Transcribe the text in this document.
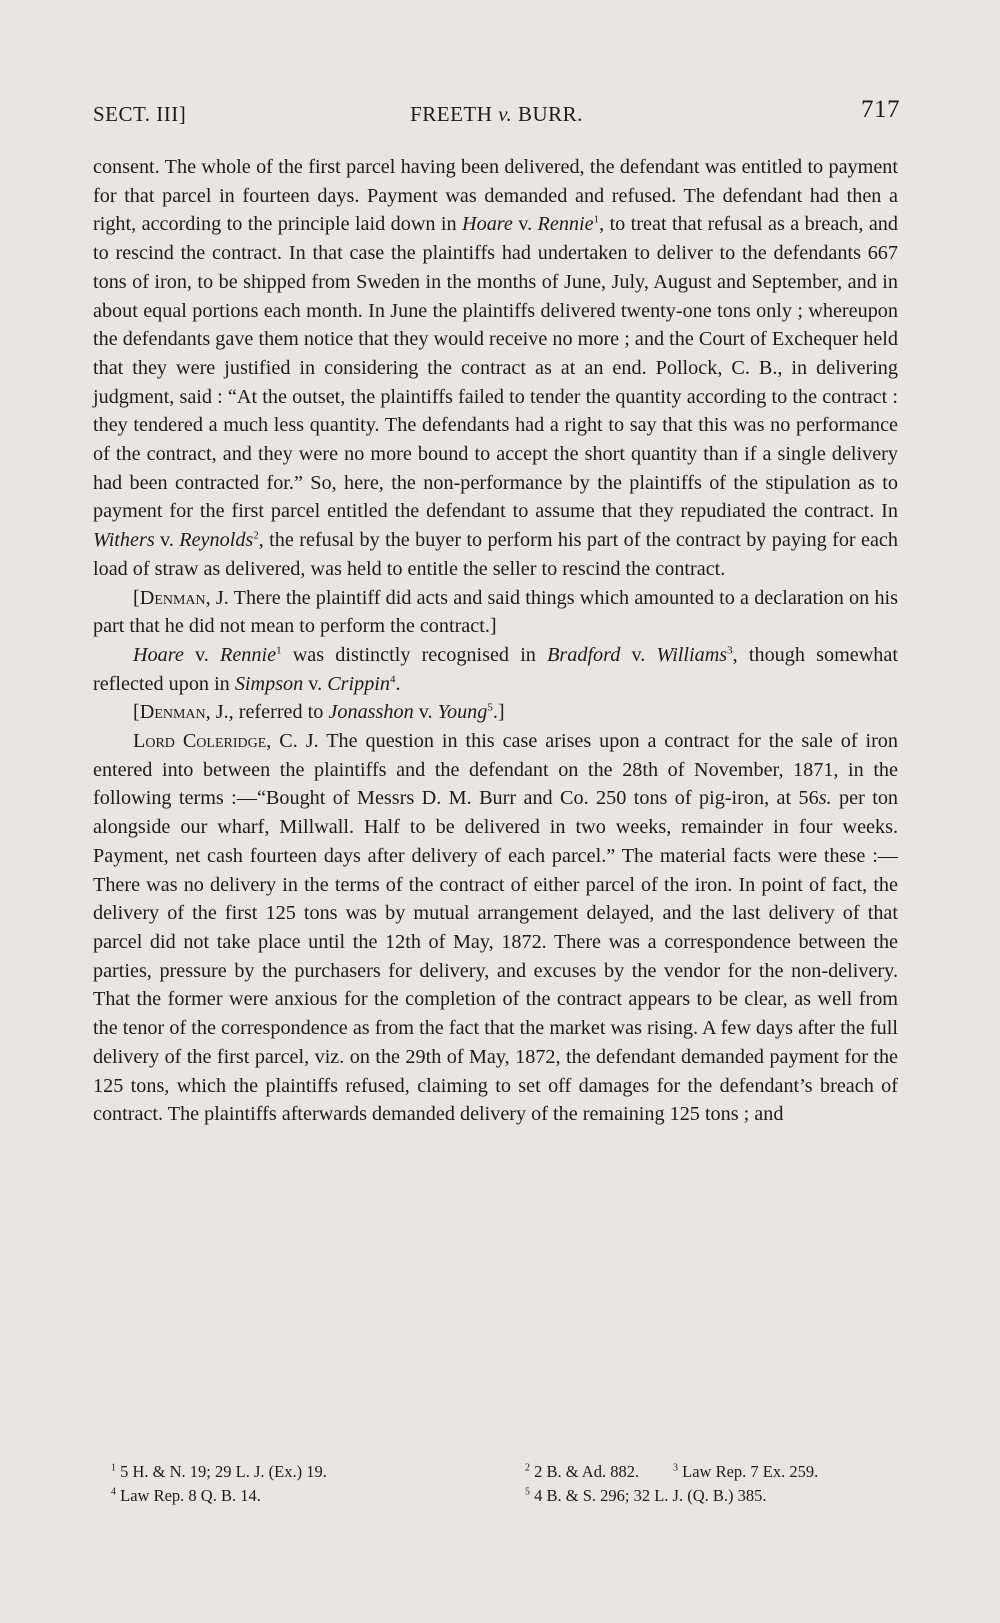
SECT. III]	FREETH v. BURR.	717

consent. The whole of the first parcel having been delivered, the defendant was entitled to payment for that parcel in fourteen days. Payment was demanded and refused. The defendant had then a right, according to the principle laid down in Hoare v. Rennie$^1$, to treat that refusal as a breach, and to rescind the contract. In that case the plaintiffs had undertaken to deliver to the defendants 667 tons of iron, to be shipped from Sweden in the months of June, July, August and September, and in about equal portions each month. In June the plaintiffs delivered twenty-one tons only ; whereupon the defendants gave them notice that they would receive no more ; and the Court of Exchequer held that they were justified in considering the contract as at an end. Pollock, C. B., in delivering judgment, said : “At the outset, the plaintiffs failed to tender the quantity according to the contract : they tendered a much less quantity. The defendants had a right to say that this was no performance of the contract, and they were no more bound to accept the short quantity than if a single delivery had been contracted for.” So, here, the non-performance by the plaintiffs of the stipulation as to payment for the first parcel entitled the defendant to assume that they repudiated the contract. In Withers v. Reynolds$^2$, the refusal by the buyer to perform his part of the contract by paying for each load of straw as delivered, was held to entitle the seller to rescind the contract.

[Denman, J. There the plaintiff did acts and said things which amounted to a declaration on his part that he did not mean to perform the contract.]

Hoare v. Rennie$^1$ was distinctly recognised in Bradford v. Williams$^3$, though somewhat reflected upon in Simpson v. Crippin$^4$.

[Denman, J., referred to Jonasshon v. Young$^5$.]

Lord Coleridge, C. J. The question in this case arises upon a contract for the sale of iron entered into between the plaintiffs and the defendant on the 28th of November, 1871, in the following terms :—“Bought of Messrs D. M. Burr and Co. 250 tons of pig-iron, at 56s. per ton alongside our wharf, Millwall. Half to be delivered in two weeks, remainder in four weeks. Payment, net cash fourteen days after delivery of each parcel.” The material facts were these :—There was no delivery in the terms of the contract of either parcel of the iron. In point of fact, the delivery of the first 125 tons was by mutual arrangement delayed, and the last delivery of that parcel did not take place until the 12th of May, 1872. There was a correspondence between the parties, pressure by the purchasers for delivery, and excuses by the vendor for the non-delivery. That the former were anxious for the completion of the contract appears to be clear, as well from the tenor of the correspondence as from the fact that the market was rising. A few days after the full delivery of the first parcel, viz. on the 29th of May, 1872, the defendant demanded payment for the 125 tons, which the plaintiffs refused, claiming to set off damages for the defendant’s breach of contract. The plaintiffs afterwards demanded delivery of the remaining 125 tons ; and

$^1$ 5 H. & N. 19; 29 L. J. (Ex.) 19.	$^2$ 2 B. & Ad. 882.	$^3$ Law Rep. 7 Ex. 259.
$^4$ Law Rep. 8 Q. B. 14.	$^5$ 4 B. & S. 296; 32 L. J. (Q. B.) 385.
